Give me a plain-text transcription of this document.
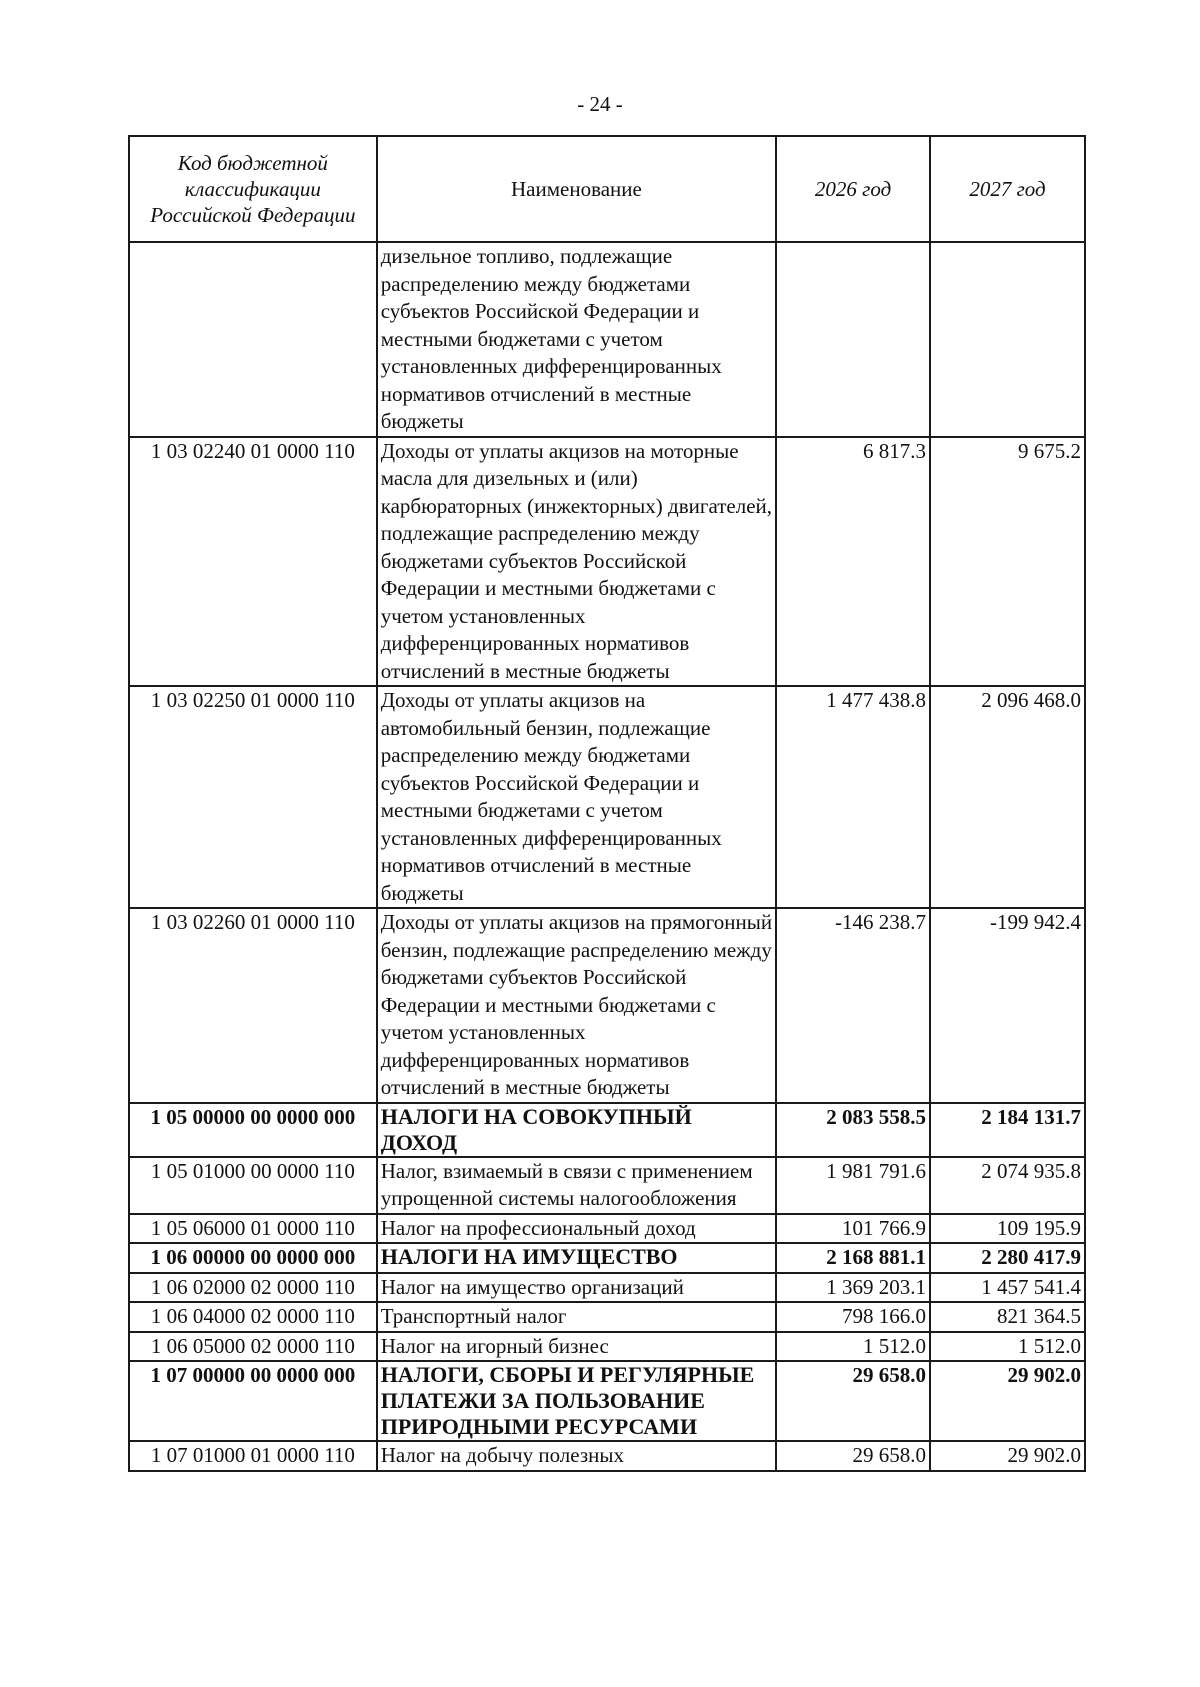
- 24 -
Код бюджетной классификации Российской Федерации	Наименование	2026 год	2027 год
	дизельное топливо, подлежащие распределению между бюджетами субъектов Российской Федерации и местными бюджетами с учетом установленных дифференцированных нормативов отчислений в местные бюджеты		
1 03 02240 01 0000 110	Доходы от уплаты акцизов на моторные масла для дизельных и (или) карбюраторных (инжекторных) двигателей, подлежащие распределению между бюджетами субъектов Российской Федерации и местными бюджетами с учетом установленных дифференцированных нормативов отчислений в местные бюджеты	6 817.3	9 675.2
1 03 02250 01 0000 110	Доходы от уплаты акцизов на автомобильный бензин, подлежащие распределению между бюджетами субъектов Российской Федерации и местными бюджетами с учетом установленных дифференцированных нормативов отчислений в местные бюджеты	1 477 438.8	2 096 468.0
1 03 02260 01 0000 110	Доходы от уплаты акцизов на прямогонный бензин, подлежащие распределению между бюджетами субъектов Российской Федерации и местными бюджетами с учетом установленных дифференцированных нормативов отчислений в местные бюджеты	-146 238.7	-199 942.4
1 05 00000 00 0000 000	НАЛОГИ НА СОВОКУПНЫЙ ДОХОД	2 083 558.5	2 184 131.7
1 05 01000 00 0000 110	Налог, взимаемый в связи с применением упрощенной системы налогообложения	1 981 791.6	2 074 935.8
1 05 06000 01 0000 110	Налог на профессиональный доход	101 766.9	109 195.9
1 06 00000 00 0000 000	НАЛОГИ НА ИМУЩЕСТВО	2 168 881.1	2 280 417.9
1 06 02000 02 0000 110	Налог на имущество организаций	1 369 203.1	1 457 541.4
1 06 04000 02 0000 110	Транспортный налог	798 166.0	821 364.5
1 06 05000 02 0000 110	Налог на игорный бизнес	1 512.0	1 512.0
1 07 00000 00 0000 000	НАЛОГИ, СБОРЫ И РЕГУЛЯРНЫЕ ПЛАТЕЖИ ЗА ПОЛЬЗОВАНИЕ ПРИРОДНЫМИ РЕСУРСАМИ	29 658.0	29 902.0
1 07 01000 01 0000 110	Налог на добычу полезных	29 658.0	29 902.0
